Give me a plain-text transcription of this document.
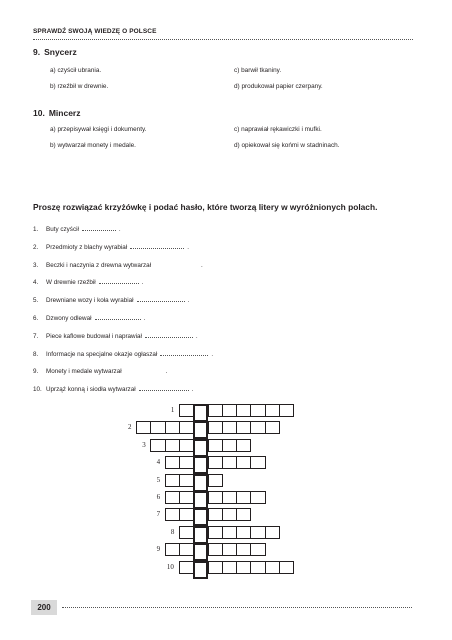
SPRAWDŹ SWOJĄ WIEDZĘ O POLSCE
9. Snycerz
a) czyścił ubrania.
b) rzeźbił w drewnie.
c) barwił tkaniny.
d) produkował papier czerpany.
10. Mincerz
a) przepisywał księgi i dokumenty.
b) wytwarzał monety i medale.
c) naprawiał rękawiczki i mufki.
d) opiekował się końmi w stadninach.
Proszę rozwiązać krzyżówkę i podać hasło, które tworzą litery w wyróżnionych polach.
1. Buty czyścił	.
2. Przedmioty z blachy wyrabiał	.
3. Beczki i naczynia z drewna wytwarzał	.
4. W drewnie rzeźbił	.
5. Drewniane wozy i koła wyrabiał	.
6. Dzwony odlewał	.
7. Piece kaflowe budował i naprawiał	.
8. Informacje na specjalne okazje ogłaszał	.
9. Monety i medale wytwarzał	.
10. Uprząż konną i siodła wytwarzał	.
1
2
3
4
5
6
7
8
9
10
200
